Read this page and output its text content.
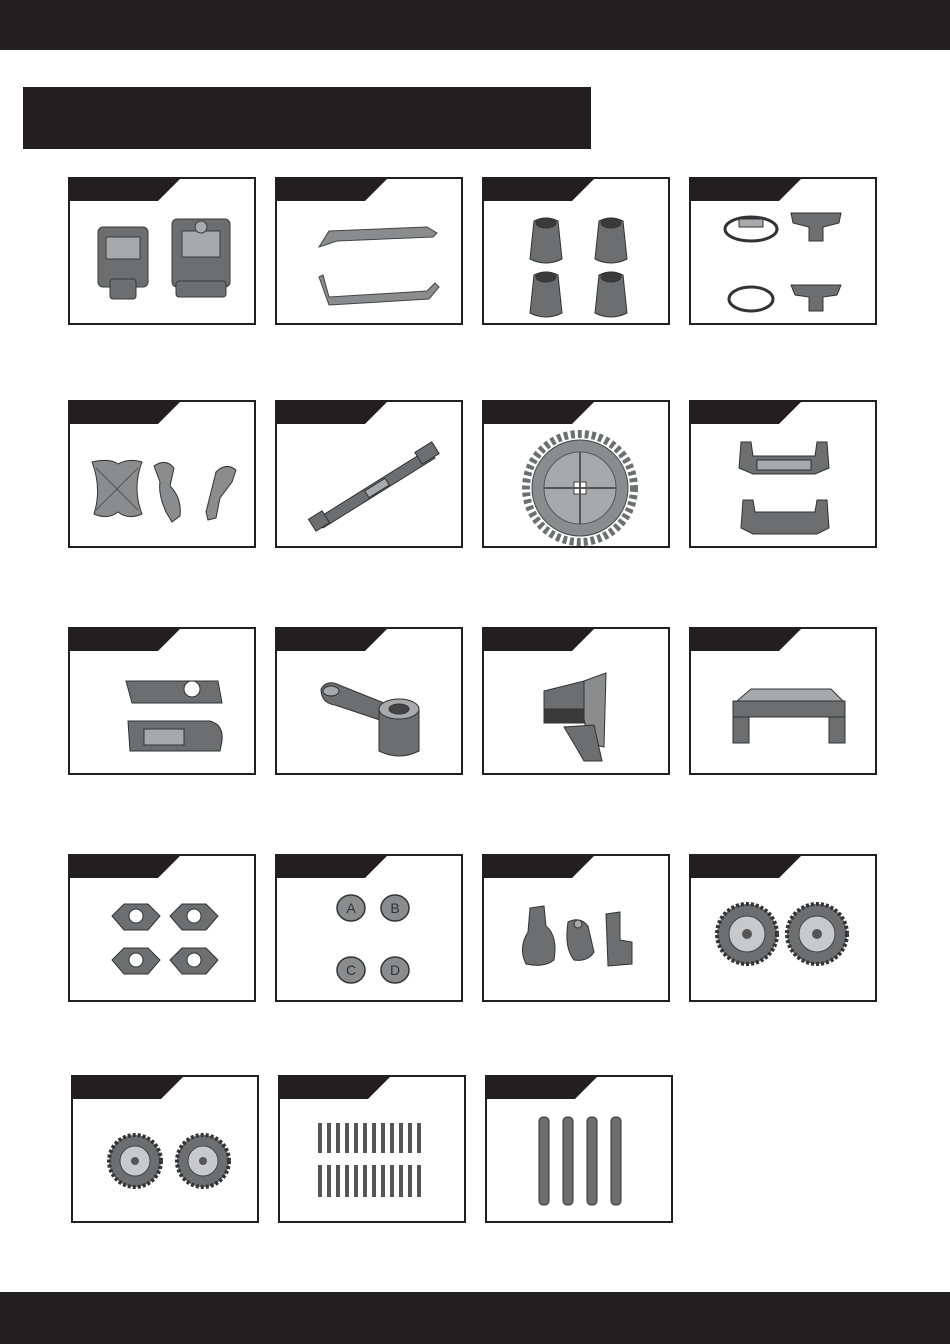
A B
C D
